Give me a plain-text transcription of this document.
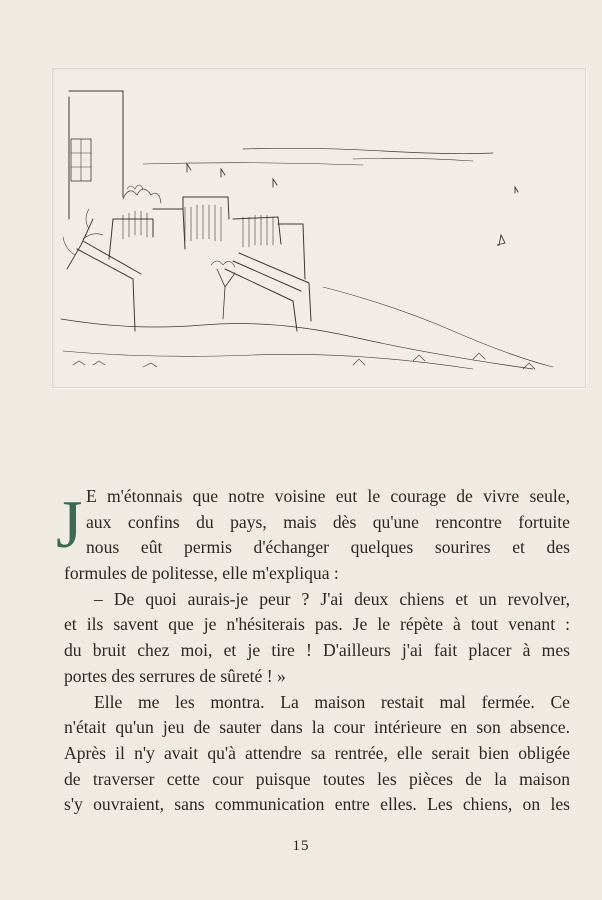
J E m'étonnais que notre voisine eut le courage de vivre seule,
aux confins du pays, mais dès qu'une rencontre fortuite
nous eût permis d'échanger quelques sourires et des
formules de politesse, elle m'expliqua :
– De quoi aurais-je peur ? J'ai deux chiens et un revolver,
et ils savent que je n'hésiterais pas. Je le répète à tout venant :
du bruit chez moi, et je tire ! D'ailleurs j'ai fait placer à mes
portes des serrures de sûreté ! »
Elle me les montra. La maison restait mal fermée. Ce
n'était qu'un jeu de sauter dans la cour intérieure en son absence.
Après il n'y avait qu'à attendre sa rentrée, elle serait bien obligée
de traverser cette cour puisque toutes les pièces de la maison
s'y ouvraient, sans communication entre elles. Les chiens, on les
15
